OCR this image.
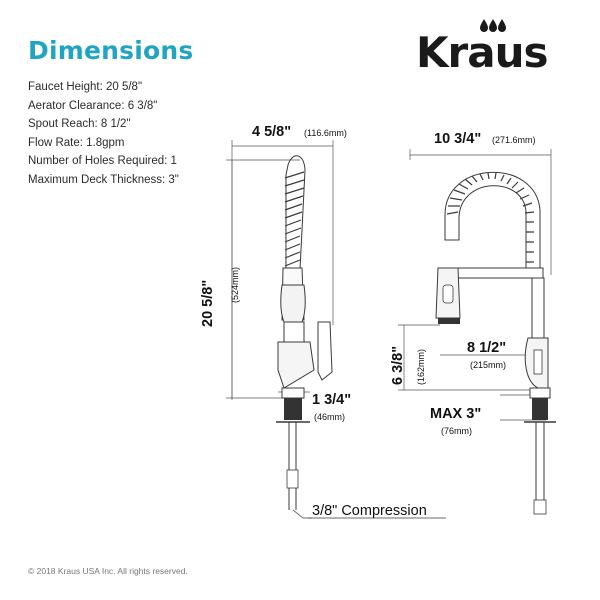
Dimensions	Kraus
Faucet Height: 20 5/8"
Aerator Clearance: 6 3/8"
Spout Reach: 8 1/2"
Flow Rate: 1.8gpm
Number of Holes Required: 1
Maximum Deck Thickness: 3"
4 5/8" (116.6mm)
20 5/8" (524mm)
1 3/4"
(46mm)
3/8" Compression
10 3/4" (271.6mm)
6 3/8" (162mm)
8 1/2"
(215mm)
MAX 3"
(76mm)
© 2018 Kraus USA Inc. All rights reserved.
